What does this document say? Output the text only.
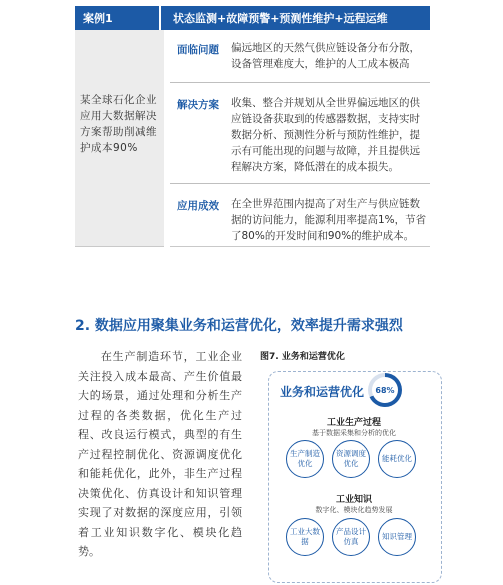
案例1	状态监测+故障预警+预测性维护+远程运维
某全球石化企业应用大数据解决方案帮助削减维护成本90%
面临问题 偏远地区的天然气供应链设备分布分散，设备管理难度大，维护的人工成本极高
解决方案 收集、整合并规划从全世界偏远地区的供应链设备获取到的传感器数据，支持实时数据分析、预测性分析与预防性维护，提示有可能出现的问题与故障，并且提供远程解决方案，降低潜在的成本损失。
应用成效 在全世界范围内提高了对生产与供应链数据的访问能力，能源利用率提高1%，节省了80%的开发时间和90%的维护成本。
2. 数据应用聚集业务和运营优化，效率提升需求强烈
在生产制造环节，工业企业关注投入成本最高、产生价值最大的场景，通过处理和分析生产过程的各类数据，优化生产过程、改良运行模式，典型的有生产过程控制优化、资源调度优化和能耗优化，此外，非生产过程决策优化、仿真设计和知识管理实现了对数据的深度应用，引领着工业知识数字化、模块化趋势。
图7. 业务和运营优化
业务和运营优化	68%
工业生产过程
基于数据采集和分析的优化
生产制造优化
资源调度优化
能耗优化
工业知识
数字化、模块化趋势发展
工业大数据
产品设计仿真
知识管理
